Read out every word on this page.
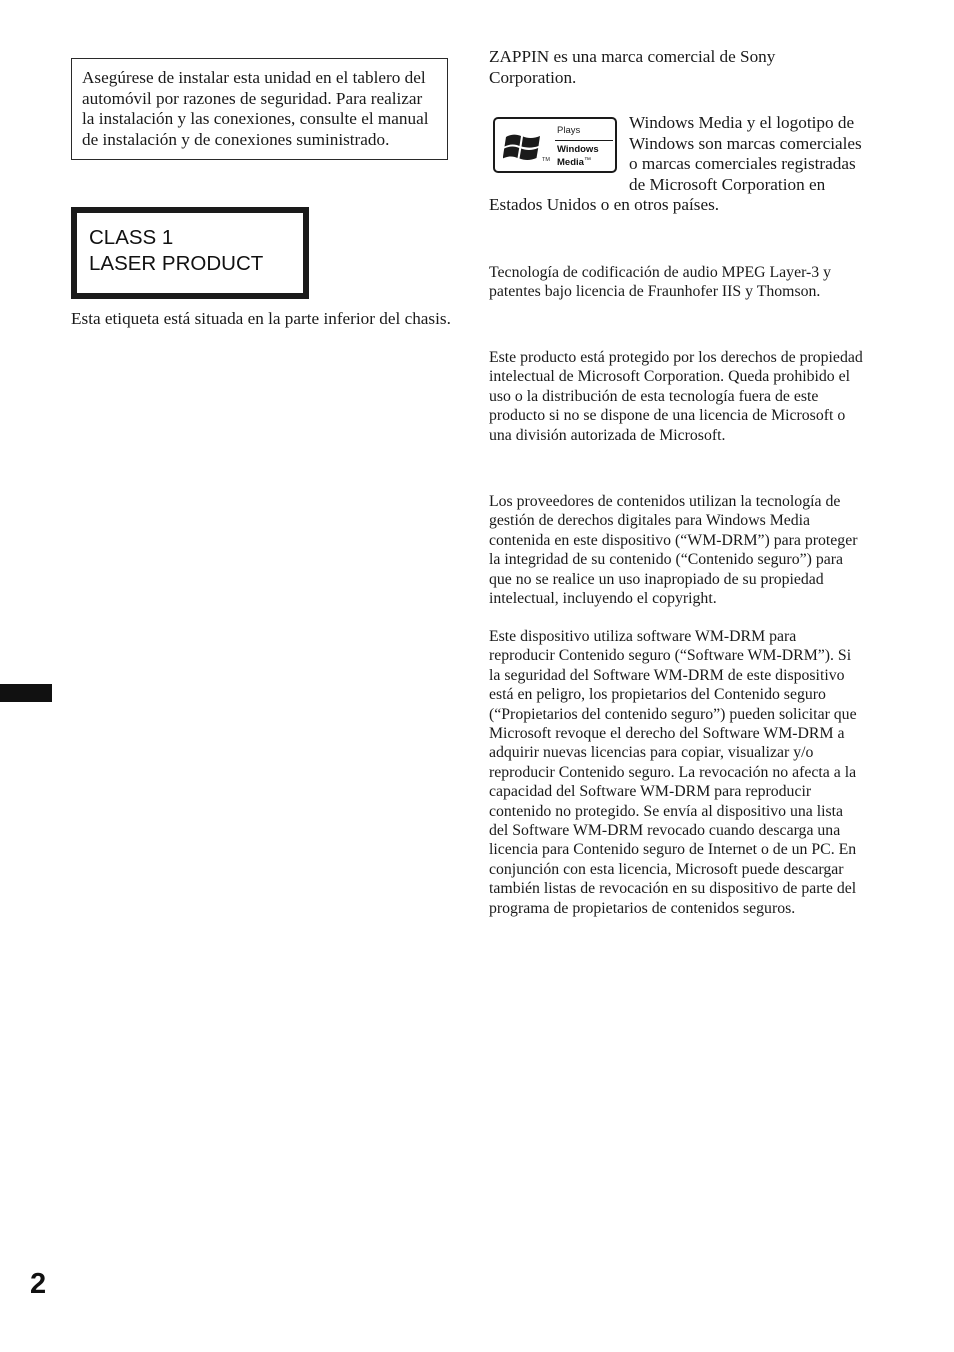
Asegúrese de instalar esta unidad en el tablero del automóvil por razones de seguridad. Para realizar la instalación y las conexiones, consulte el manual de instalación y de conexiones suministrado.

CLASS 1
LASER PRODUCT

Esta etiqueta está situada en la parte inferior del chasis.

2

ZAPPIN es una marca comercial de Sony Corporation.

TM
Plays
Windows
Media™
Windows Media y el logotipo de Windows son marcas comerciales o marcas comerciales registradas de Microsoft Corporation en Estados Unidos o en otros países.

Tecnología de codificación de audio MPEG Layer-3 y patentes bajo licencia de Fraunhofer IIS y Thomson.

Este producto está protegido por los derechos de propiedad intelectual de Microsoft Corporation. Queda prohibido el uso o la distribución de esta tecnología fuera de este producto si no se dispone de una licencia de Microsoft o una división autorizada de Microsoft.

Los proveedores de contenidos utilizan la tecnología de gestión de derechos digitales para Windows Media contenida en este dispositivo (“WM-DRM”) para proteger la integridad de su contenido (“Contenido seguro”) para que no se realice un uso inapropiado de su propiedad intelectual, incluyendo el copyright.

Este dispositivo utiliza software WM-DRM para reproducir Contenido seguro (“Software WM-DRM”). Si la seguridad del Software WM-DRM de este dispositivo está en peligro, los propietarios del Contenido seguro (“Propietarios del contenido seguro”) pueden solicitar que Microsoft revoque el derecho del Software WM-DRM a adquirir nuevas licencias para copiar, visualizar y/o reproducir Contenido seguro. La revocación no afecta a la capacidad del Software WM-DRM para reproducir contenido no protegido. Se envía al dispositivo una lista del Software WM-DRM revocado cuando descarga una licencia para Contenido seguro de Internet o de un PC. En conjunción con esta licencia, Microsoft puede descargar también listas de revocación en su dispositivo de parte del programa de propietarios de contenidos seguros.
